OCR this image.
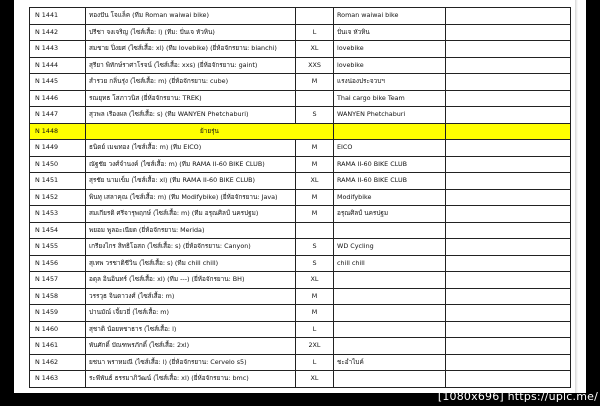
N 1441	ทองปัน โจแล็ค (ทีม Roman waiwai bike)		Roman waiwai bike	
N 1442	ปรีชา จงเจริญ (ไซส์เสื้อ: l) (ทีม: ปั่นเจ หัวหิน)	L	ปั่นเจ หัวหิน	
N 1443	สมชาย ปิ่งยศ (ไซส์เสื้อ: xl) (ทีม lovebike) (ยี่ห้อจักรยาน: bianchi)	XL	lovebike	
N 1444	สุรียา พิทักษ์ราศาโรจน์ (ไซส์เสื้อ: xxs) (ยี่ห้อจักรยาน: gaint)	XXS	lovebike	
N 1445	สำรวย กลิ่นรุ่ง (ไซส์เสื้อ: m) (ยี่ห้อจักรยาน: cube)	M	แรงน่องประจวบฯ	
N 1446	รณยุทธ โสภาวนิส (ยี่ห้อจักรยาน: TREK)		Thai cargo bike Team	
N 1447	สุวพล เรืองผล (ไซส์เสื้อ: s) (ทีม WANYEN Phetchaburi)	S	WANYEN Phetchaburi	
N 1448	ย้ายรุ่น			
N 1449	ธนิดย์ เมฆทอง (ไซส์เสื้อ: m) (ทีม EICO)	M	EICO	
N 1450	ณัฐชัย วงศ์จำนงค์ (ไซส์เสื้อ: m) (ทีม RAMA II-60 BIKE CLUB)	M	RAMA II-60 BIKE CLUB	
N 1451	สุรชัย นามเข็ม (ไซส์เสื้อ: xl) (ทีม RAMA II-60 BIKE CLUB)	XL	RAMA II-60 BIKE CLUB	
N 1452	พินทุ เสลาคุณ (ไซส์เสื้อ: m) (ทีม Modifybike) (ยี่ห้อจักรยาน: Java)	M	Modifybike	
N 1453	สมเกียรติ ศรีจารุพฤกษ์ (ไซส์เสื้อ: m) (ทีม อรุณศิลป์ นครปฐม)	M	อรุณศิลป์ นครปฐม	
N 1454	พยอม พูลอะเนียด (ยี่ห้อจักรยาน: Merida)			
N 1455	เกรียงไกร สิทธิโอสถ (ไซส์เสื้อ: s) (ยี่ห้อจักรยาน: Canyon)	S	WD Cycling	
N 1456	สุเทพ วรชาติชีวิน (ไซส์เสื้อ: s) (ทีม chill chill)	S	chill chill	
N 1457	อดุล อินอินทร์ (ไซส์เสื้อ: xl) (ทีม ---) (ยี่ห้อจักรยาน: BH)	XL		
N 1458	วรรวุธ จินดาวงศ์ (ไซส์เสื้อ: m)	M		
N 1459	ปานมัณ์ เจี้ยวยี่ (ไซส์เสื้อ: m)	M		
N 1460	สุชาติ น้อยหชาธาร (ไซส์เสื้อ: l)	L		
N 1461	พันศักดิ์ บัณฑพรภักดิ์ (ไซส์เสื้อ: 2xl)	2XL		
N 1462	ยชนา พราหมณี (ไซส์เสื้อ: l) (ยี่ห้อจักรยาน: Cervelo s5)	L	ชะอำไบค์	
N 1463	ระพีพันธ์ ธรรมาภิวัฒน์ (ไซส์เสื้อ: xl) (ยี่ห้อจักรยาน: bmc)	XL		
[1080x696] https://uplc.me/
